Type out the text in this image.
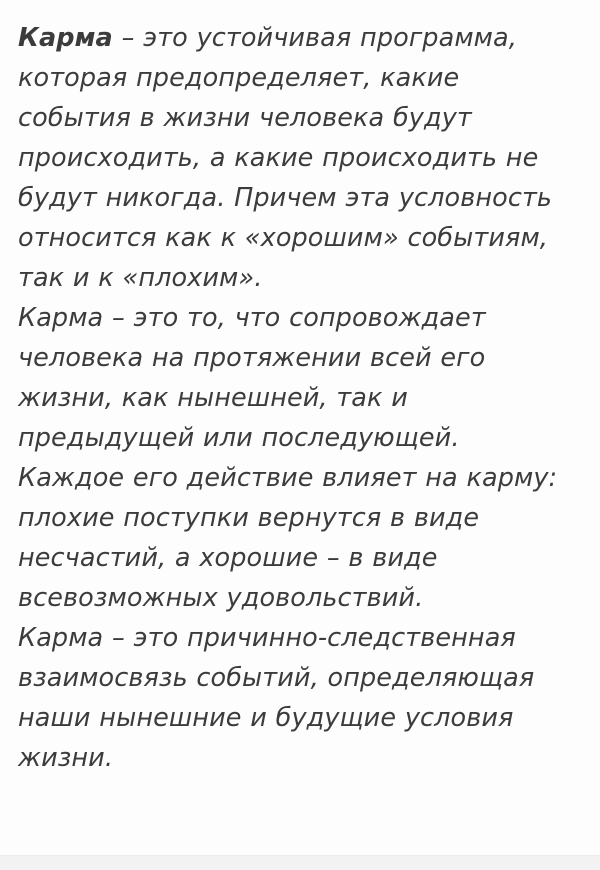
Карма – это устойчивая программа, которая предопределяет, какие события в жизни человека будут происходить, а какие происходить не будут никогда. Причем эта условность относится как к «хорошим» событиям, так и к «плохим».

Карма – это то, что сопровождает человека на протяжении всей его жизни, как нынешней, так и предыдущей или последующей.

Каждое его действие влияет на карму: плохие поступки вернутся в виде несчастий, а хорошие – в виде всевозможных удовольствий.

Карма – это причинно-следственная взаимосвязь событий, определяющая наши нынешние и будущие условия жизни.
